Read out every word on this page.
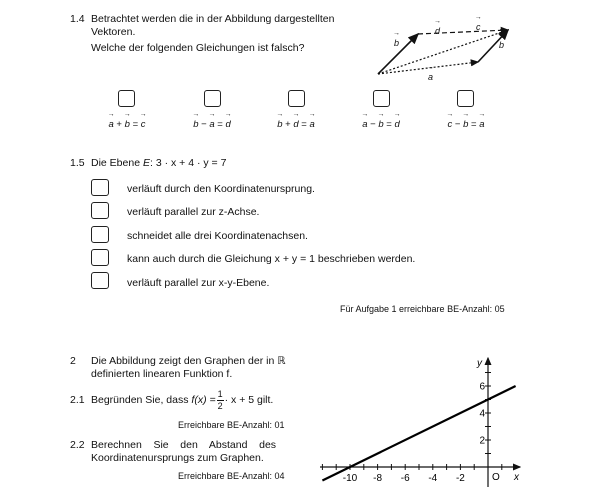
1.4 Betrachtet werden die in der Abbildung dargestellten
Vektoren.
Welche der folgenden Gleichungen ist falsch?	→ b
→ d	→ c
→ b
→ a
→ a + → b = → c	→ b − → a = → d	→ b + → d = → a	→ a − → b = → d	→ c − → b = → a
1.5 Die Ebene E: 3 · x + 4 · y = 7
verläuft durch den Koordinatenursprung.
verläuft parallel zur z-Achse.
schneidet alle drei Koordinatenachsen.
kann auch durch die Gleichung x + y = 1 beschrieben werden.
verläuft parallel zur x-y-Ebene.
Für Aufgabe 1 erreichbare BE-Anzahl: 05
2 Die Abbildung zeigt den Graphen der in ℝ
definierten linearen Funktion f.
2.1 Begründen Sie, dass
$f(x) = \frac{1}{2} \cdot x + 5$ gilt.
Erreichbare BE-Anzahl: 01
2.2 Berechnen    Sie    den    Abstand    des
Koordinatenursprungs zum Graphen.
Erreichbare BE-Anzahl: 04	-10 -8 -6 -4 -2
2
4
6
O x
y
